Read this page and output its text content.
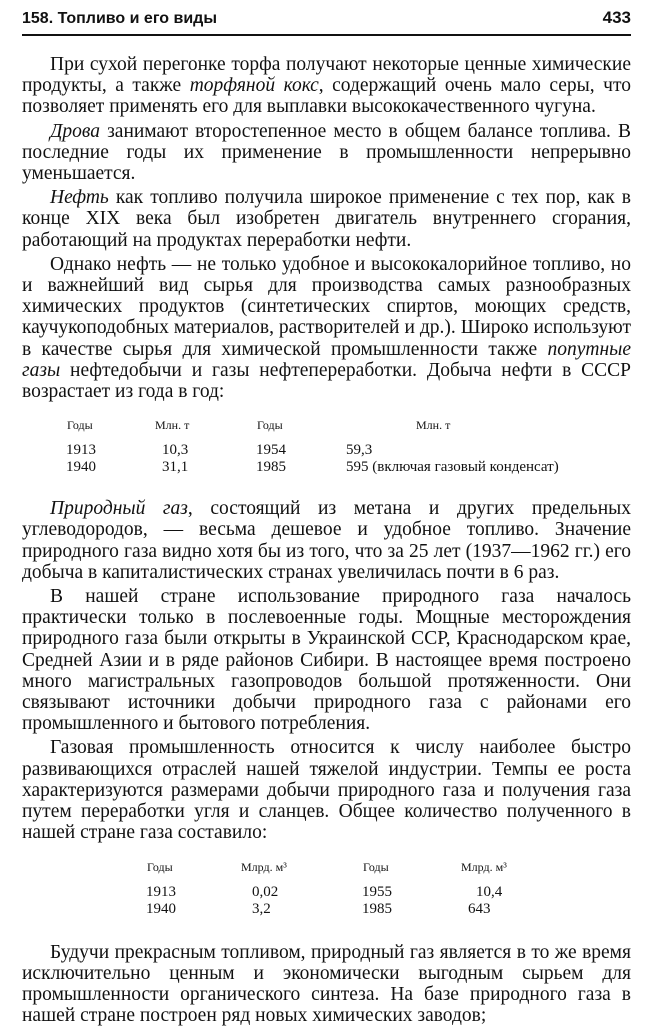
158. Топливо и его виды	433

При сухой перегонке торфа получают некоторые ценные химические продукты, а также торфяной кокс, содержащий очень мало серы, что позволяет применять его для выплавки высококачественного чугуна.

Дрова занимают второстепенное место в общем балансе топлива. В последние годы их применение в промышленности непрерывно уменьшается.

Нефть как топливо получила широкое применение с тех пор, как в конце XIX века был изобретен двигатель внутреннего сгорания, работающий на продуктах переработки нефти.

Однако нефть — не только удобное и высококалорийное топливо, но и важнейший вид сырья для производства самых разнообразных химических продуктов (синтетических спиртов, моющих средств, каучукоподобных материалов, растворителей и др.). Широко используют в качестве сырья для химической промышленности также попутные газы нефтедобычи и газы нефтепереработки. Добыча нефти в СССР возрастает из года в год:

Годы	Млн. т	Годы	Млн. т
1913	10,3	1954	59,3
1940	31,1	1985	595 (включая газовый конденсат)

Природный газ, состоящий из метана и других предельных углеводородов, — весьма дешевое и удобное топливо. Значение природного газа видно хотя бы из того, что за 25 лет (1937—1962 гг.) его добыча в капиталистических странах увеличилась почти в 6 раз.

В нашей стране использование природного газа началось практически только в послевоенные годы. Мощные месторождения природного газа были открыты в Украинской ССР, Краснодарском крае, Средней Азии и в ряде районов Сибири. В настоящее время построено много магистральных газопроводов большой протяженности. Они связывают источники добычи природного газа с районами его промышленного и бытового потребления.

Газовая промышленность относится к числу наиболее быстро развивающихся отраслей нашей тяжелой индустрии. Темпы ее роста характеризуются размерами добычи природного газа и получения газа путем переработки угля и сланцев. Общее количество полученного в нашей стране газа составило:

Годы	Млрд. м³	Годы	Млрд. м³
1913	0,02	1955	10,4
1940	3,2	1985	643

Будучи прекрасным топливом, природный газ является в то же время исключительно ценным и экономически выгодным сырьем для промышленности органического синтеза. На базе природного газа в нашей стране построен ряд новых химических заводов;
